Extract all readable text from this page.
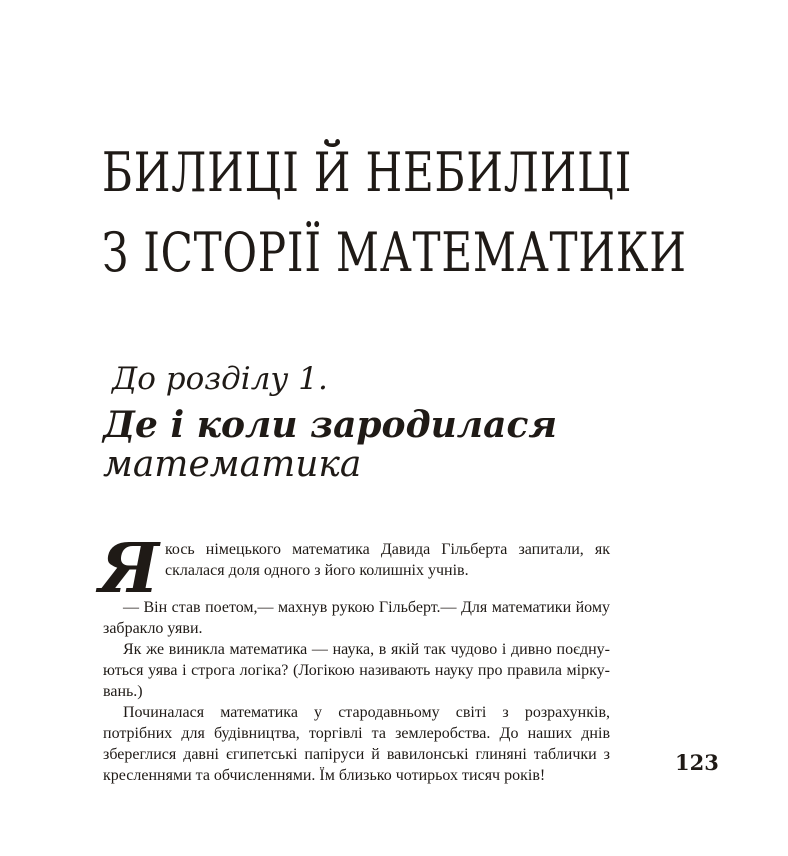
БИЛИЦІ Й НЕБИЛИЦІ
З ІСТОРІЇ МАТЕМАТИКИ
До розділу 1.
Де і коли зародилася
математика

Якось німецького математика Давида Гільберта запитали, як склалася доля одного з його колишніх учнів.

— Він став поетом,— махнув рукою Гільберт.— Для математики йому забракло уяви.

Як же виникла математика — наука, в якій так чудово і дивно поєднуються уява і строга логіка? (Логікою називають науку про правила міркувань.)

Починалася математика у стародавньому світі з розрахунків, потрібних для будівництва, торгівлі та землеробства. До наших днів збереглися давні єгипетські папіруси й вавилонські глиняні таблички з кресленнями та обчисленнями. Їм близько чотирьох тисяч років!

123
